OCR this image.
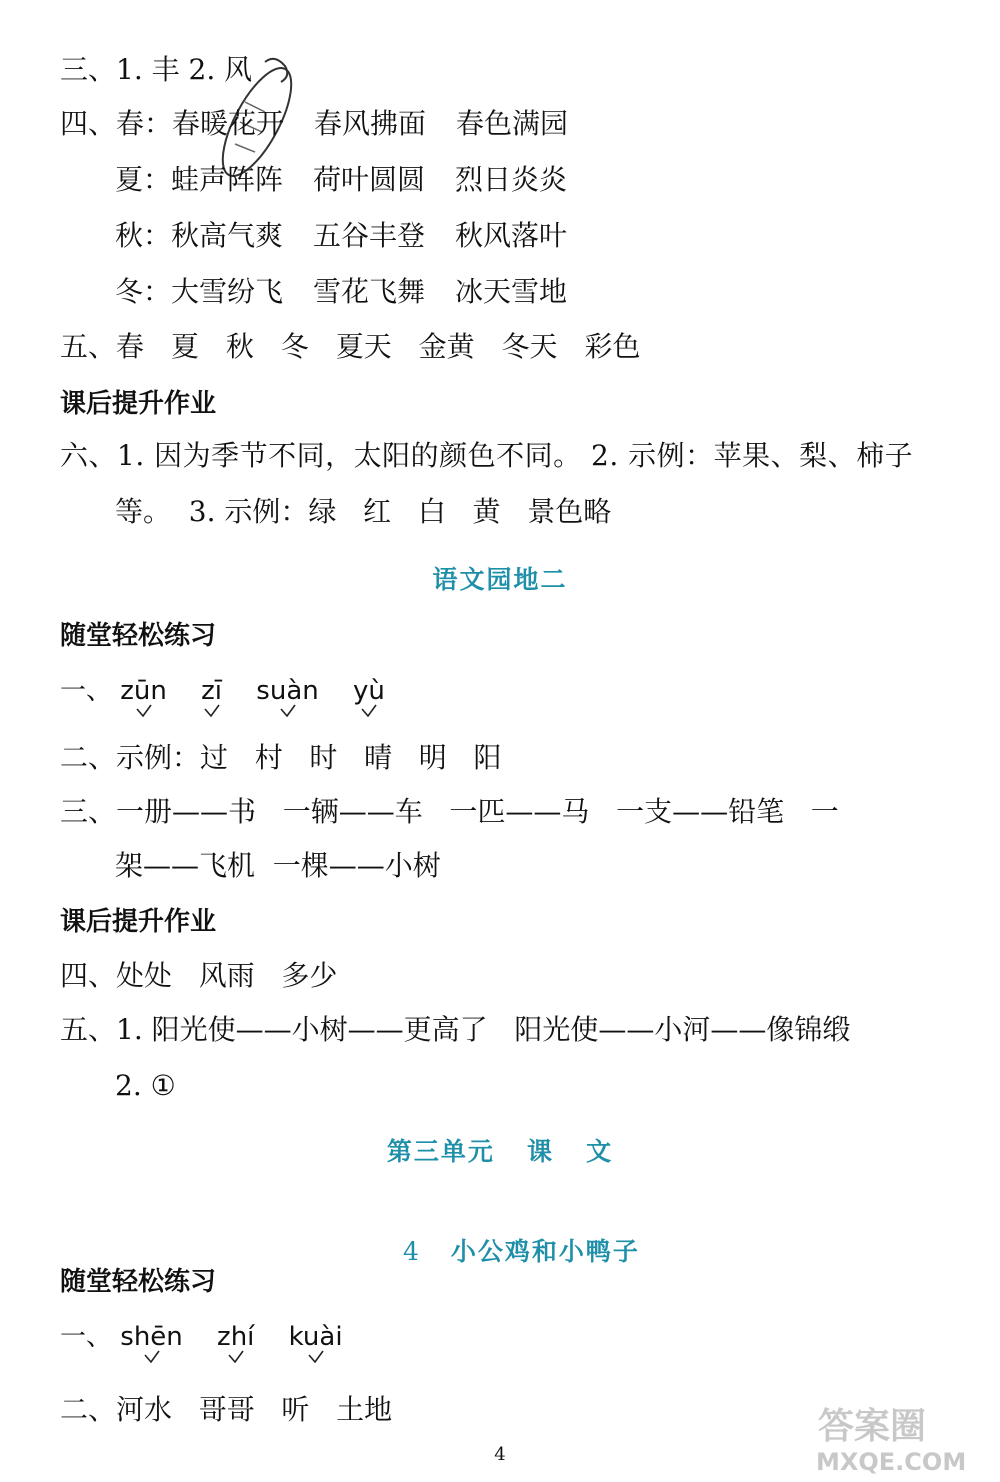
三、1. 丰 2. 风
四、春：春暖花开 春风拂面 春色满园
夏：蛙声阵阵 荷叶圆圆 烈日炎炎
秋：秋高气爽 五谷丰登 秋风落叶
冬：大雪纷飞 雪花飞舞 冰天雪地
五、春 夏 秋 冬 夏天 金黄 冬天 彩色
课后提升作业
六、1. 因为季节不同，太阳的颜色不同。 2. 示例：苹果、梨、柿子
等。  3. 示例：绿   红   白   黄   景色略
语文园地二
随堂轻松练习
一、 zūn zī suàn yù
二、示例：过   村   时   晴   明   阳
三、一册——书   一辆——车   一匹——马   一支——铅笔   一
架——飞机  一棵——小树
课后提升作业
四、处处   风雨   多少
五、1. 阳光使——小树——更高了   阳光使——小河——像锦缎
2. ①
第三单元   课   文

4 小公鸡和小鸭子

随堂轻松练习
一、 shēn zhí kuài
二、河水   哥哥   听   土地
4
答案圈
MXQE.COM
